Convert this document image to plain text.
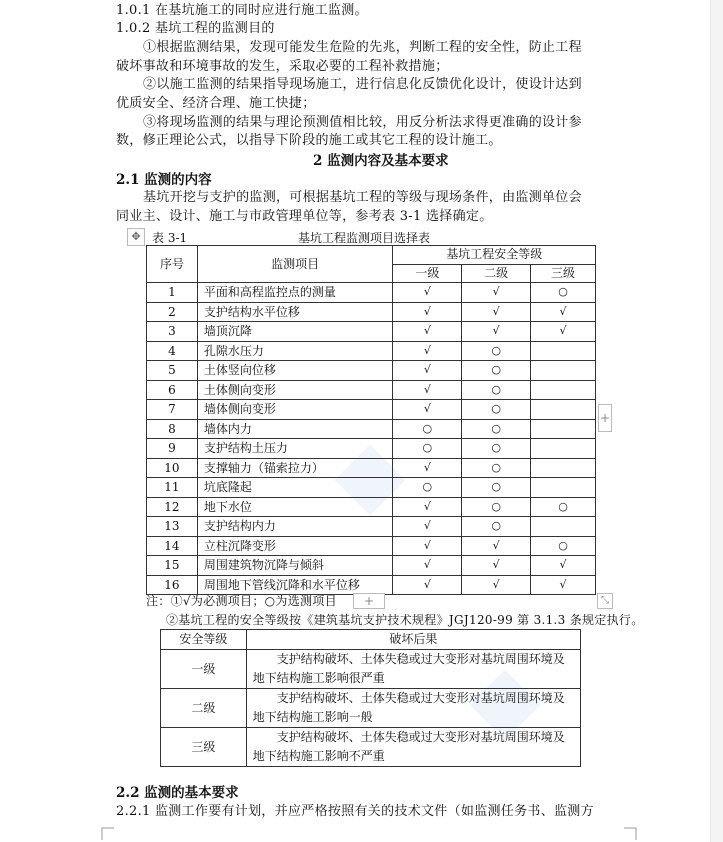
1.0.1 在基坑施工的同时应进行施工监测。
1.0.2 基坑工程的监测目的
①根据监测结果，发现可能发生危险的先兆，判断工程的安全性，防止工程
破坏事故和环境事故的发生，采取必要的工程补救措施；
②以施工监测的结果指导现场施工，进行信息化反馈优化设计，使设计达到
优质安全、经济合理、施工快捷；
③将现场监测的结果与理论预测值相比较，用反分析法求得更准确的设计参
数，修正理论公式，以指导下阶段的施工或其它工程的设计施工。
2 监测内容及基本要求
2.1 监测的内容
基坑开挖与支护的监测，可根据基坑工程的等级与现场条件，由监测单位会
同业主、设计、施工与市政管理单位等，参考表 3-1 选择确定。
✥ 表 3-1	基坑工程监测项目选择表
序号	监测项目	基坑工程安全等级		
		一级	二级	三级
1	平面和高程监控点的测量	√	√	○
2	支护结构水平位移	√	√	√
3	墙顶沉降	√	√	√
4	孔隙水压力	√	○	
5	土体竖向位移	√	○	
6	土体侧向变形	√	○	
7	墙体侧向变形	√	○	
8	墙体内力	○	○	
9	支护结构土压力	○	○	
10	支撑轴力（锚索拉力）	√	○	
11	坑底隆起	○	○	
12	地下水位	√	○	○
13	支护结构内力	√	○	
14	立柱沉降变形	√	√	○
15	周围建筑物沉降与倾斜	√	√	√
16	周围地下管线沉降和水平位移	√	√	√
+
注：①√为必测项目；○为选测项目	+	⤡
②基坑工程的安全等级按《建筑基坑支护技术规程》JGJ120-99 第 3.1.3 条规定执行。
安全等级	破坏后果
一级	支护结构破坏、土体失稳或过大变形对基坑周围环境及地下结构施工影响很严重
二级	支护结构破坏、土体失稳或过大变形对基坑周围环境及地下结构施工影响一般
三级	支护结构破坏、土体失稳或过大变形对基坑周围环境及地下结构施工影响不严重
2.2 监测的基本要求
2.2.1 监测工作要有计划，并应严格按照有关的技术文件（如监测任务书、监测方
